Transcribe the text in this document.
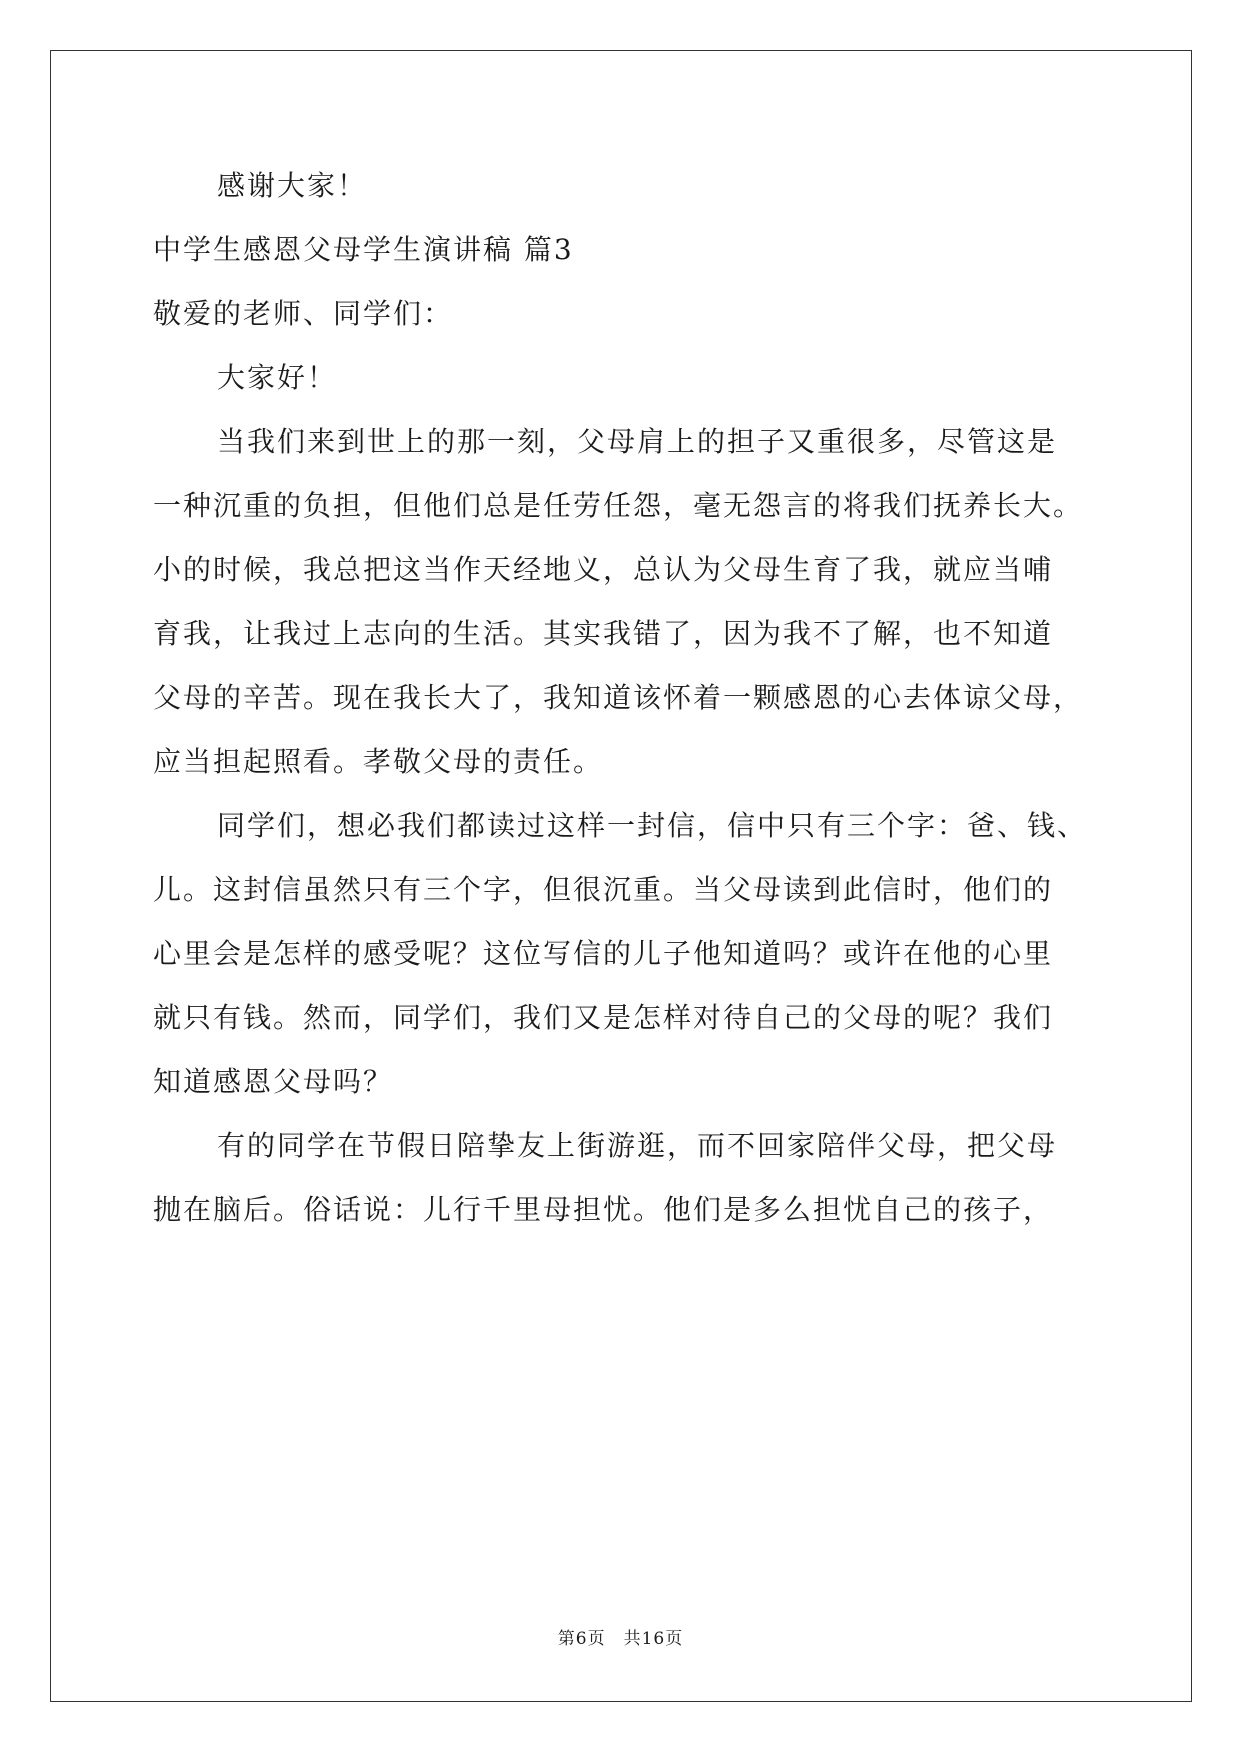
感谢大家！
中学生感恩父母学生演讲稿 篇3
敬爱的老师、同学们：
大家好！
当我们来到世上的那一刻，父母肩上的担子又重很多，尽管这是
一种沉重的负担，但他们总是任劳任怨，毫无怨言的将我们抚养长大。
小的时候，我总把这当作天经地义，总认为父母生育了我，就应当哺
育我，让我过上志向的生活。其实我错了，因为我不了解，也不知道
父母的辛苦。现在我长大了，我知道该怀着一颗感恩的心去体谅父母，
应当担起照看。孝敬父母的责任。
同学们，想必我们都读过这样一封信，信中只有三个字：爸、钱、
儿。这封信虽然只有三个字，但很沉重。当父母读到此信时，他们的
心里会是怎样的感受呢？这位写信的儿子他知道吗？或许在他的心里
就只有钱。然而，同学们，我们又是怎样对待自己的父母的呢？我们
知道感恩父母吗？
有的同学在节假日陪挚友上街游逛，而不回家陪伴父母，把父母
抛在脑后。俗话说：儿行千里母担忧。他们是多么担忧自己的孩子，
第6页　共16页
